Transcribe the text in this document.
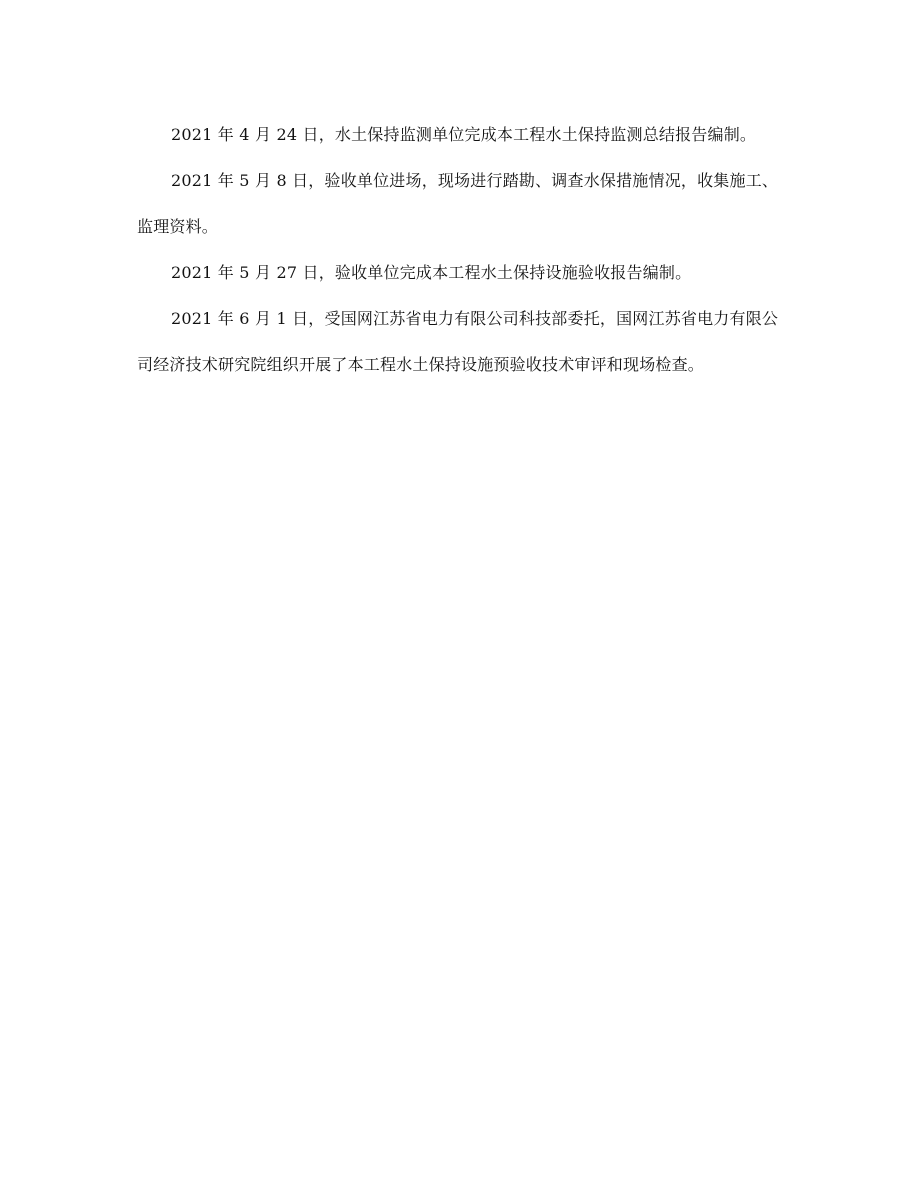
2021 年 4 月 24 日，水土保持监测单位完成本工程水土保持监测总结报告编制。

2021 年 5 月 8 日，验收单位进场，现场进行踏勘、调查水保措施情况，收集施工、监理资料。

2021 年 5 月 27 日，验收单位完成本工程水土保持设施验收报告编制。

2021 年 6 月 1 日，受国网江苏省电力有限公司科技部委托，国网江苏省电力有限公司经济技术研究院组织开展了本工程水土保持设施预验收技术审评和现场检查。
